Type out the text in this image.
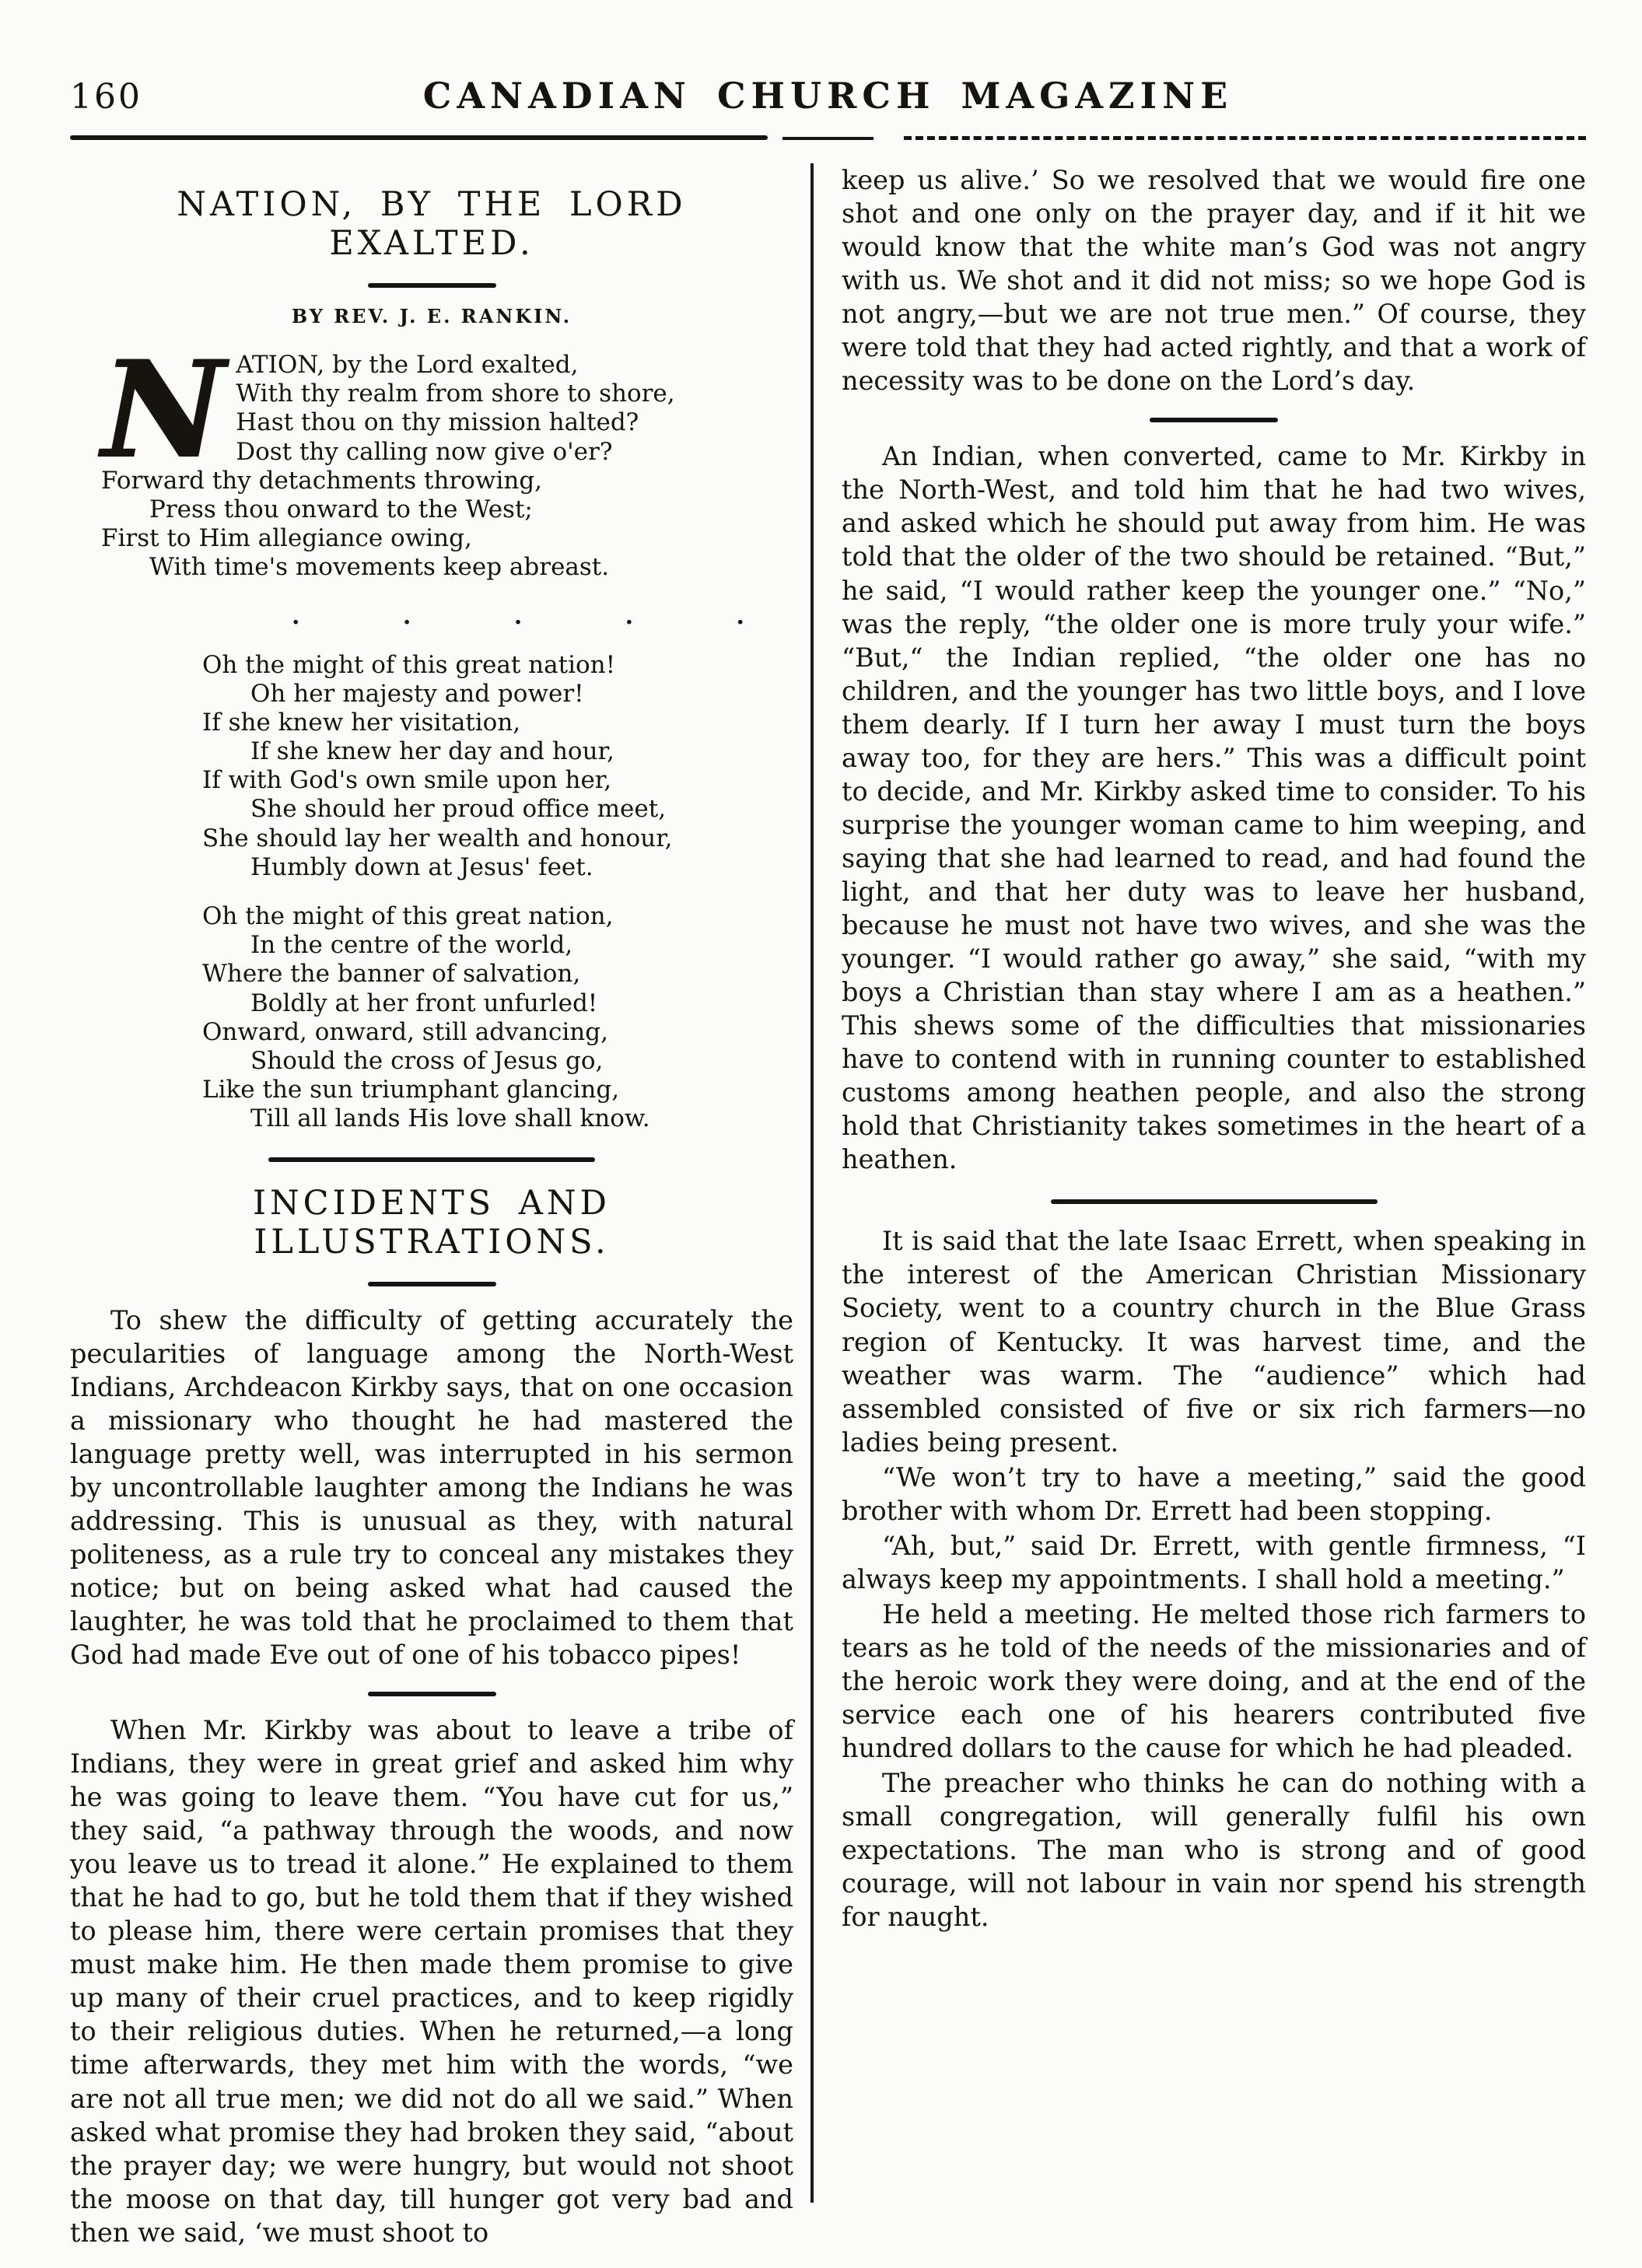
160	CANADIAN CHURCH MAGAZINE
NATION, BY THE LORD EXALTED.
BY REV. J. E. RANKIN.
N ATION, by the Lord exalted,
With thy realm from shore to shore,
Hast thou on thy mission halted?
Dost thy calling now give o'er?
Forward thy detachments throwing,
Press thou onward to the West;
First to Him allegiance owing,
With time's movements keep abreast.
. . . . .
Oh the might of this great nation!
Oh her majesty and power!
If she knew her visitation,
If she knew her day and hour,
If with God's own smile upon her,
She should her proud office meet,
She should lay her wealth and honour,
Humbly down at Jesus' feet.
Oh the might of this great nation,
In the centre of the world,
Where the banner of salvation,
Boldly at her front unfurled!
Onward, onward, still advancing,
Should the cross of Jesus go,
Like the sun triumphant glancing,
Till all lands His love shall know.
INCIDENTS AND ILLUSTRATIONS.

To shew the difficulty of getting accurately the pecularities of language among the North-West Indians, Archdeacon Kirkby says, that on one occasion a missionary who thought he had mastered the language pretty well, was interrupted in his sermon by uncontrollable laughter among the Indians he was addressing. This is unusual as they, with natural politeness, as a rule try to conceal any mistakes they notice; but on being asked what had caused the laughter, he was told that he proclaimed to them that God had made Eve out of one of his tobacco pipes!

When Mr. Kirkby was about to leave a tribe of Indians, they were in great grief and asked him why he was going to leave them. “You have cut for us,” they said, “a pathway through the woods, and now you leave us to tread it alone.” He explained to them that he had to go, but he told them that if they wished to please him, there were certain promises that they must make him. He then made them promise to give up many of their cruel practices, and to keep rigidly to their religious duties. When he returned,—a long time afterwards, they met him with the words, “we are not all true men; we did not do all we said.” When asked what promise they had broken they said, “about the prayer day; we were hungry, but would not shoot the moose on that day, till hunger got very bad and then we said, ‘we must shoot to

keep us alive.’ So we resolved that we would fire one shot and one only on the prayer day, and if it hit we would know that the white man’s God was not angry with us. We shot and it did not miss; so we hope God is not angry,—but we are not true men.” Of course, they were told that they had acted rightly, and that a work of necessity was to be done on the Lord’s day.

An Indian, when converted, came to Mr. Kirkby in the North-West, and told him that he had two wives, and asked which he should put away from him. He was told that the older of the two should be retained. “But,” he said, “I would rather keep the younger one.” “No,” was the reply, “the older one is more truly your wife.” “But,“ the Indian replied, “the older one has no children, and the younger has two little boys, and I love them dearly. If I turn her away I must turn the boys away too, for they are hers.” This was a difficult point to decide, and Mr. Kirkby asked time to consider. To his surprise the younger woman came to him weeping, and saying that she had learned to read, and had found the light, and that her duty was to leave her husband, because he must not have two wives, and she was the younger. “I would rather go away,” she said, “with my boys a Christian than stay where I am as a heathen.” This shews some of the difficulties that missionaries have to contend with in running counter to established customs among heathen people, and also the strong hold that Christianity takes sometimes in the heart of a heathen.

It is said that the late Isaac Errett, when speaking in the interest of the American Christian Missionary Society, went to a country church in the Blue Grass region of Kentucky. It was harvest time, and the weather was warm. The “audience” which had assembled consisted of five or six rich farmers—no ladies being present.

“We won’t try to have a meeting,” said the good brother with whom Dr. Errett had been stopping.

“Ah, but,” said Dr. Errett, with gentle firmness, “I always keep my appointments. I shall hold a meeting.”

He held a meeting. He melted those rich farmers to tears as he told of the needs of the missionaries and of the heroic work they were doing, and at the end of the service each one of his hearers contributed five hundred dollars to the cause for which he had pleaded.

The preacher who thinks he can do nothing with a small congregation, will generally fulfil his own expectations. The man who is strong and of good courage, will not labour in vain nor spend his strength for naught.
